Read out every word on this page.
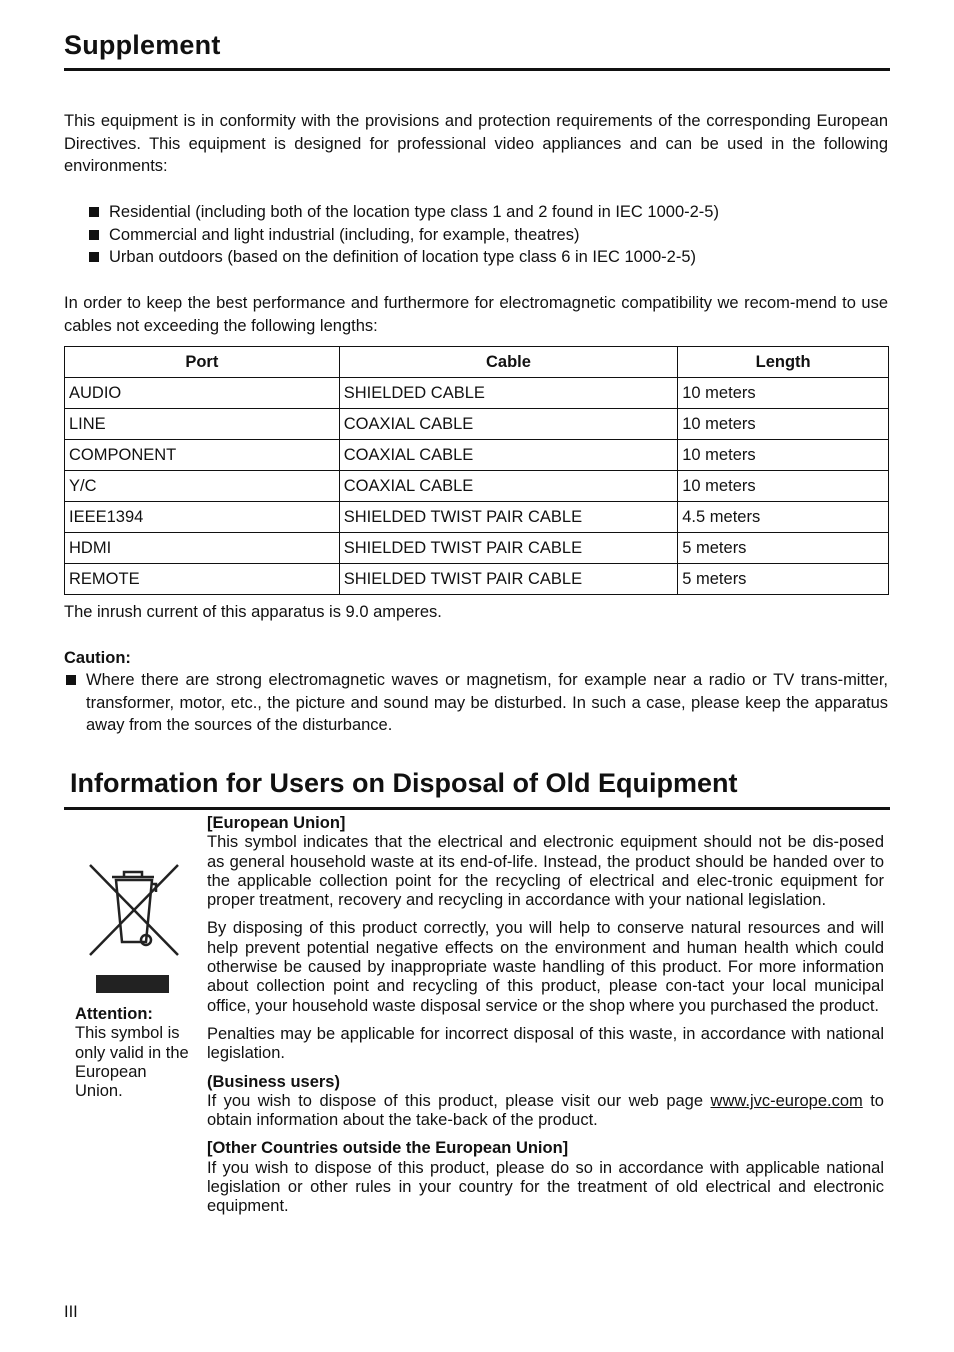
Supplement

This equipment is in conformity with the provisions and protection requirements of the corresponding European Directives. This equipment is designed for professional video appliances and can be used in the following environments:

Residential (including both of the location type class 1 and 2 found in IEC 1000-2-5)
Commercial and light industrial (including, for example, theatres)
Urban outdoors (based on the definition of location type class 6 in IEC 1000-2-5)

In order to keep the best performance and furthermore for electromagnetic compatibility we recom-mend to use cables not exceeding the following lengths:

Port	Cable	Length
AUDIO	SHIELDED CABLE	10 meters
LINE	COAXIAL CABLE	10 meters
COMPONENT	COAXIAL CABLE	10 meters
Y/C	COAXIAL CABLE	10 meters
IEEE1394	SHIELDED TWIST PAIR CABLE	4.5 meters
HDMI	SHIELDED TWIST PAIR CABLE	5 meters
REMOTE	SHIELDED TWIST PAIR CABLE	5 meters

The inrush current of this apparatus is 9.0 amperes.

Caution:

Where there are strong electromagnetic waves or magnetism, for example near a radio or TV trans-mitter, transformer, motor, etc., the picture and sound may be disturbed. In such a case, please keep the apparatus away from the sources of the disturbance.

Information for Users on Disposal of Old Equipment
Attention:
This symbol is only valid in the European Union.

[European Union]
This symbol indicates that the electrical and electronic equipment should not be dis-posed as general household waste at its end-of-life. Instead, the product should be handed over to the applicable collection point for the recycling of electrical and elec-tronic equipment for proper treatment, recovery and recycling in accordance with your national legislation.

By disposing of this product correctly, you will help to conserve natural resources and will help prevent potential negative effects on the environment and human health which could otherwise be caused by inappropriate waste handling of this product. For more information about collection point and recycling of this product, please con-tact your local municipal office, your household waste disposal service or the shop where you purchased the product.

Penalties may be applicable for incorrect disposal of this waste, in accordance with national legislation.

(Business users)
If you wish to dispose of this product, please visit our web page www.jvc-europe.com to obtain information about the take-back of the product.

[Other Countries outside the European Union]
If you wish to dispose of this product, please do so in accordance with applicable national legislation or other rules in your country for the treatment of old electrical and electronic equipment.

III
